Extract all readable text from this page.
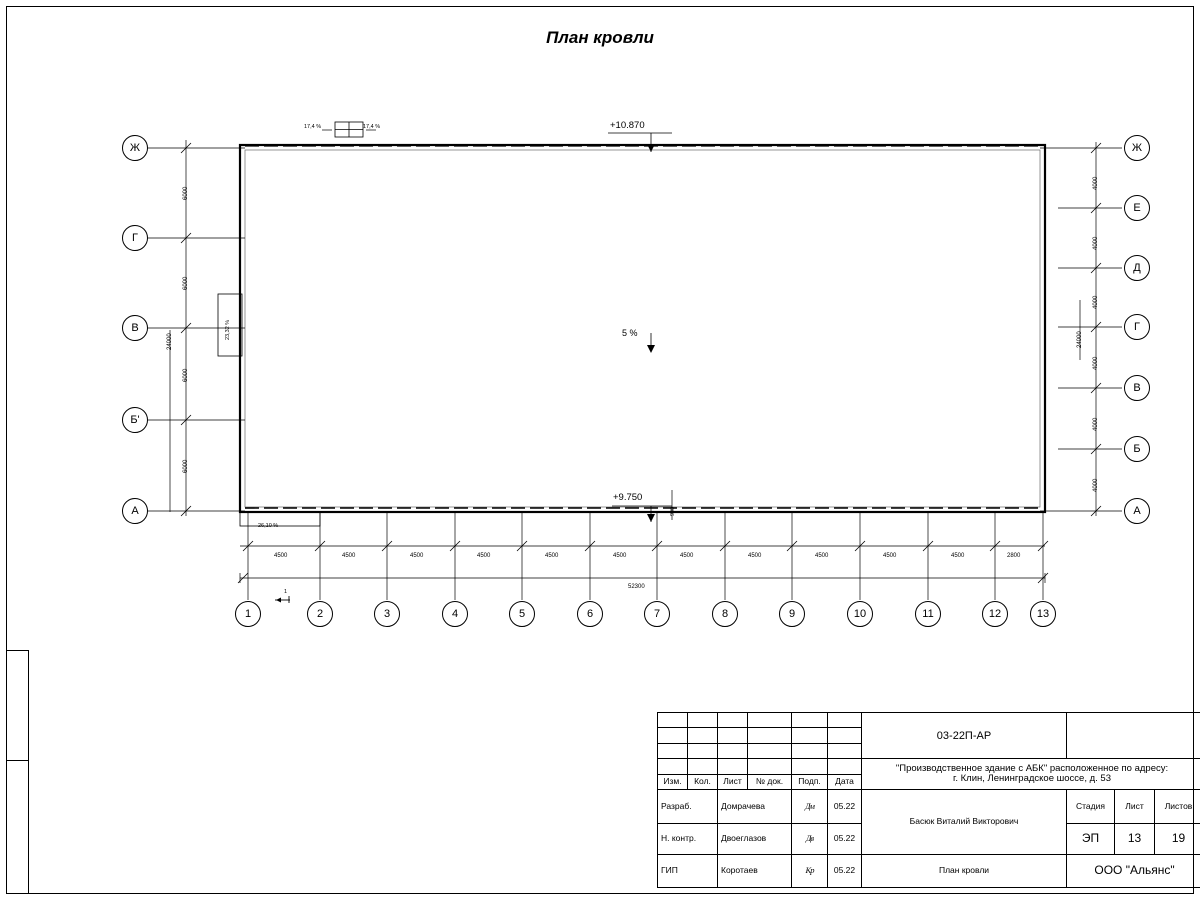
План кровли
Ж
Г
В
Б'
А
Ж
Е
Д
Г
В
Б
А
1	2	3	4	5	6	7	8	9	10	11	12	13
6000
6000
6000
6000
24000
4000
4000
4000
4000
4000
4000
24000
4500	4500	4500	4500	4500	4500	4500	4500	4500	4500	4500	2800
52300
+10.870
+9.750
5 %
17,4 %	17,4 %
23,32 %
26,10 %
900
1
						03-22П-АР			

						"Производственное здание с АБК" расположенное по адресу:
г. Клин, Ленинградское шоссе, д. 53			

Изм.	Кол.	Лист	№ док.	Подп.	Дата				
Разраб.		Домрачева		Дм	05.22	Басюк Виталий Викторович	Стадия	Лист	Листов
Н. контр.		Двоеглазов		Дв	05.22		ЭП	13	19
ГИП		Коротаев		Кр	05.22	План кровли	ООО "Альянс"		
